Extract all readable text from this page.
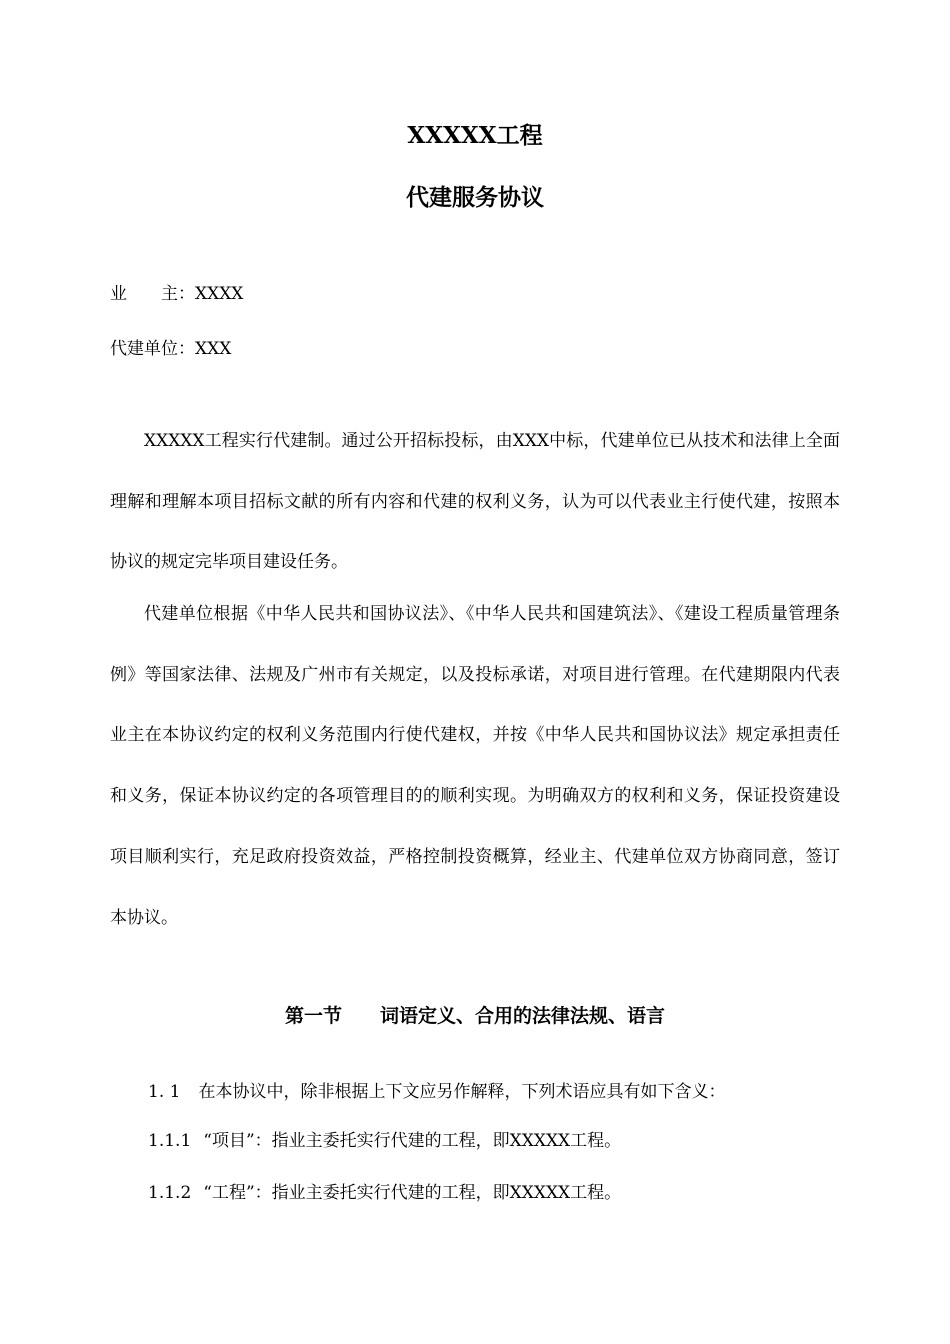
XXXXX工程
代建服务协议
业　　主：XXXX
代建单位：XXX

XXXXX工程实行代建制。通过公开招标投标，由XXX中标，代建单位已从技术和法律上全面理解和理解本项目招标文献的所有内容和代建的权利义务，认为可以代表业主行使代建，按照本协议的规定完毕项目建设任务。

代建单位根据《中华人民共和国协议法》、《中华人民共和国建筑法》、《建设工程质量管理条例》等国家法律、法规及广州市有关规定，以及投标承诺，对项目进行管理。在代建期限内代表业主在本协议约定的权利义务范围内行使代建权，并按《中华人民共和国协议法》规定承担责任和义务，保证本协议约定的各项管理目的的顺利实现。为明确双方的权利和义务，保证投资建设项目顺利实行，充足政府投资效益，严格控制投资概算，经业主、代建单位双方协商同意，签订本协议。

第一节 词语定义、合用的法律法规、语言
1. 1 在本协议中，除非根据上下文应另作解释，下列术语应具有如下含义：
1.1.1 “项目”：指业主委托实行代建的工程，即XXXXX工程。
1.1.2 “工程”：指业主委托实行代建的工程，即XXXXX工程。
